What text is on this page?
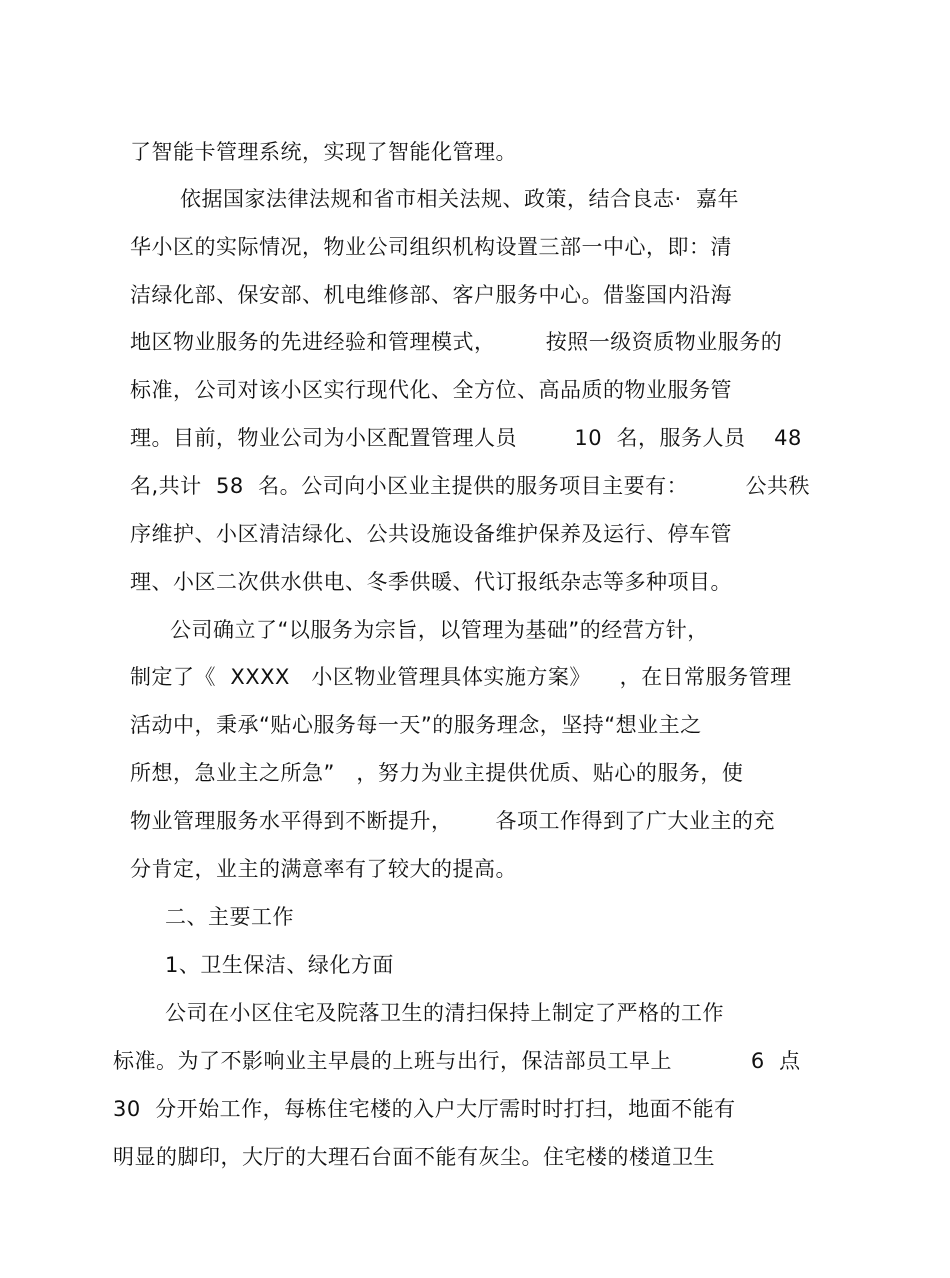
了智能卡管理系统，实现了智能化管理。
依据国家法律法规和省市相关法规、政策，结合良志·  嘉年
华小区的实际情况，物业公司组织机构设置三部一中心，即：清
洁绿化部、保安部、机电维修部、客户服务中心。借鉴国内沿海
地区物业服务的先进经验和管理模式，       按照一级资质物业服务的
标准，公司对该小区实行现代化、全方位、高品质的物业服务管
理。目前，物业公司为小区配置管理人员        10  名，服务人员    48
名,共计  58  名。公司向小区业主提供的服务项目主要有：        公共秩
序维护、小区清洁绿化、公共设施设备维护保养及运行、停车管
理、小区二次供水供电、冬季供暖、代订报纸杂志等多种项目。
公司确立了“以服务为宗旨，以管理为基础”的经营方针，
制定了《  XXXX   小区物业管理具体实施方案》    ，在日常服务管理
活动中，秉承“贴心服务每一天”的服务理念，坚持“想业主之
所想，急业主之所急”   ，努力为业主提供优质、贴心的服务，使
物业管理服务水平得到不断提升，      各项工作得到了广大业主的充
分肯定，业主的满意率有了较大的提高。
二、主要工作
1、卫生保洁、绿化方面
公司在小区住宅及院落卫生的清扫保持上制定了严格的工作
标准。为了不影响业主早晨的上班与出行，保洁部员工早上           6  点
30  分开始工作，每栋住宅楼的入户大厅需时时打扫，地面不能有
明显的脚印，大厅的大理石台面不能有灰尘。住宅楼的楼道卫生
